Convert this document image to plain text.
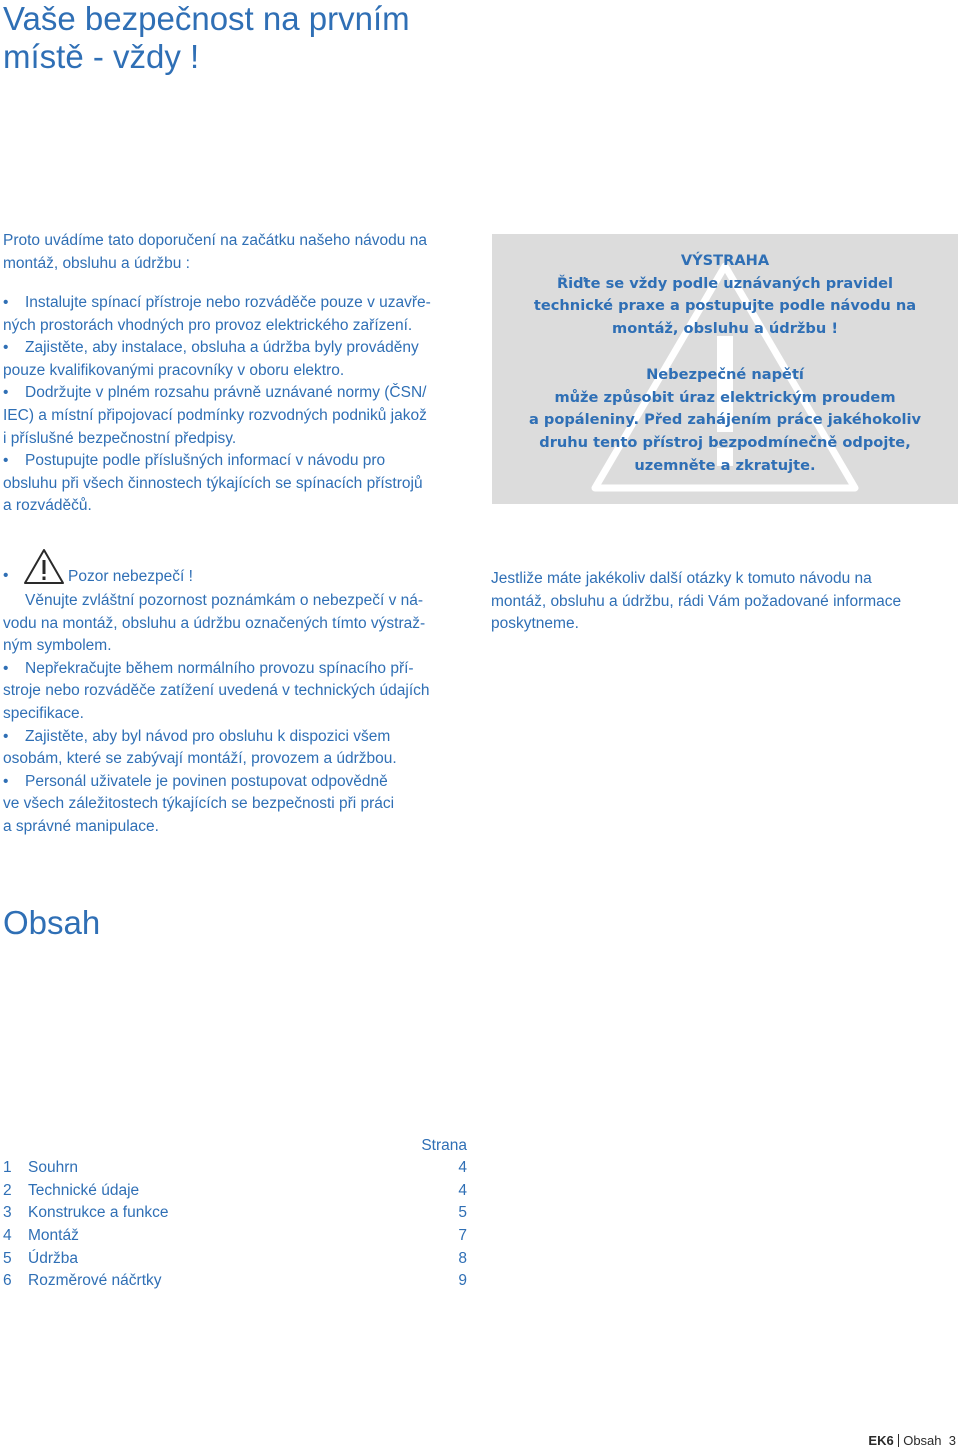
Vaše bezpečnost na prvním
místě - vždy !

Proto uvádíme tato doporučení na začátku našeho návodu na montáž, obsluhu a údržbu :

• Instalujte spínací přístroje nebo rozváděče pouze v uzavře-
ných prostorách vhodných pro provoz elektrického zařízení.
• Zajistěte, aby instalace, obsluha a údržba byly prováděny
pouze kvalifikovanými pracovníky v oboru elektro.
• Dodržujte v plném rozsahu právně uznávané normy (ČSN/
IEC) a místní připojovací podmínky rozvodných podniků jakož
i příslušné bezpečnostní předpisy.
• Postupujte podle příslušných informací v návodu pro
obsluhu při všech činnostech týkajících se spínacích přístrojů
a rozváděčů.

VÝSTRAHA

Řiďte se vždy podle uznávaných pravidel

technické praxe a postupujte podle návodu na

montáž, obsluhu a údržbu !

Nebezpečné napětí

může způsobit úraz elektrickým proudem

a popáleniny. Před zahájením práce jakéhokoliv

druhu tento přístroj bezpodmínečně odpojte,

uzemněte a zkratujte.

•	Pozor nebezpečí !
Věnujte zvláštní pozornost poznámkám o nebezpečí v ná-
vodu na montáž, obsluhu a údržbu označených tímto výstraž-
ným symbolem.
• Nepřekračujte během normálního provozu spínacího pří-
stroje nebo rozváděče zatížení uvedená v technických údajích
specifikace.
• Zajistěte, aby byl návod pro obsluhu k dispozici všem
osobám, které se zabývají montáží, provozem a údržbou.
• Personál uživatele je povinen postupovat odpovědně
ve všech záležitostech týkajících se bezpečnosti při práci
a správné manipulace.

Jestliže máte jakékoliv další otázky k tomuto návodu na
montáž, obsluhu a údržbu, rádi Vám požadované informace
poskytneme.

Obsah
Strana
1	Souhrn	4
2	Technické údaje	4
3	Konstrukce a funkce	5
4	Montáž	7
5	Údržba	8
6	Rozměrové náčrtky	9
EK6 Obsah 3
